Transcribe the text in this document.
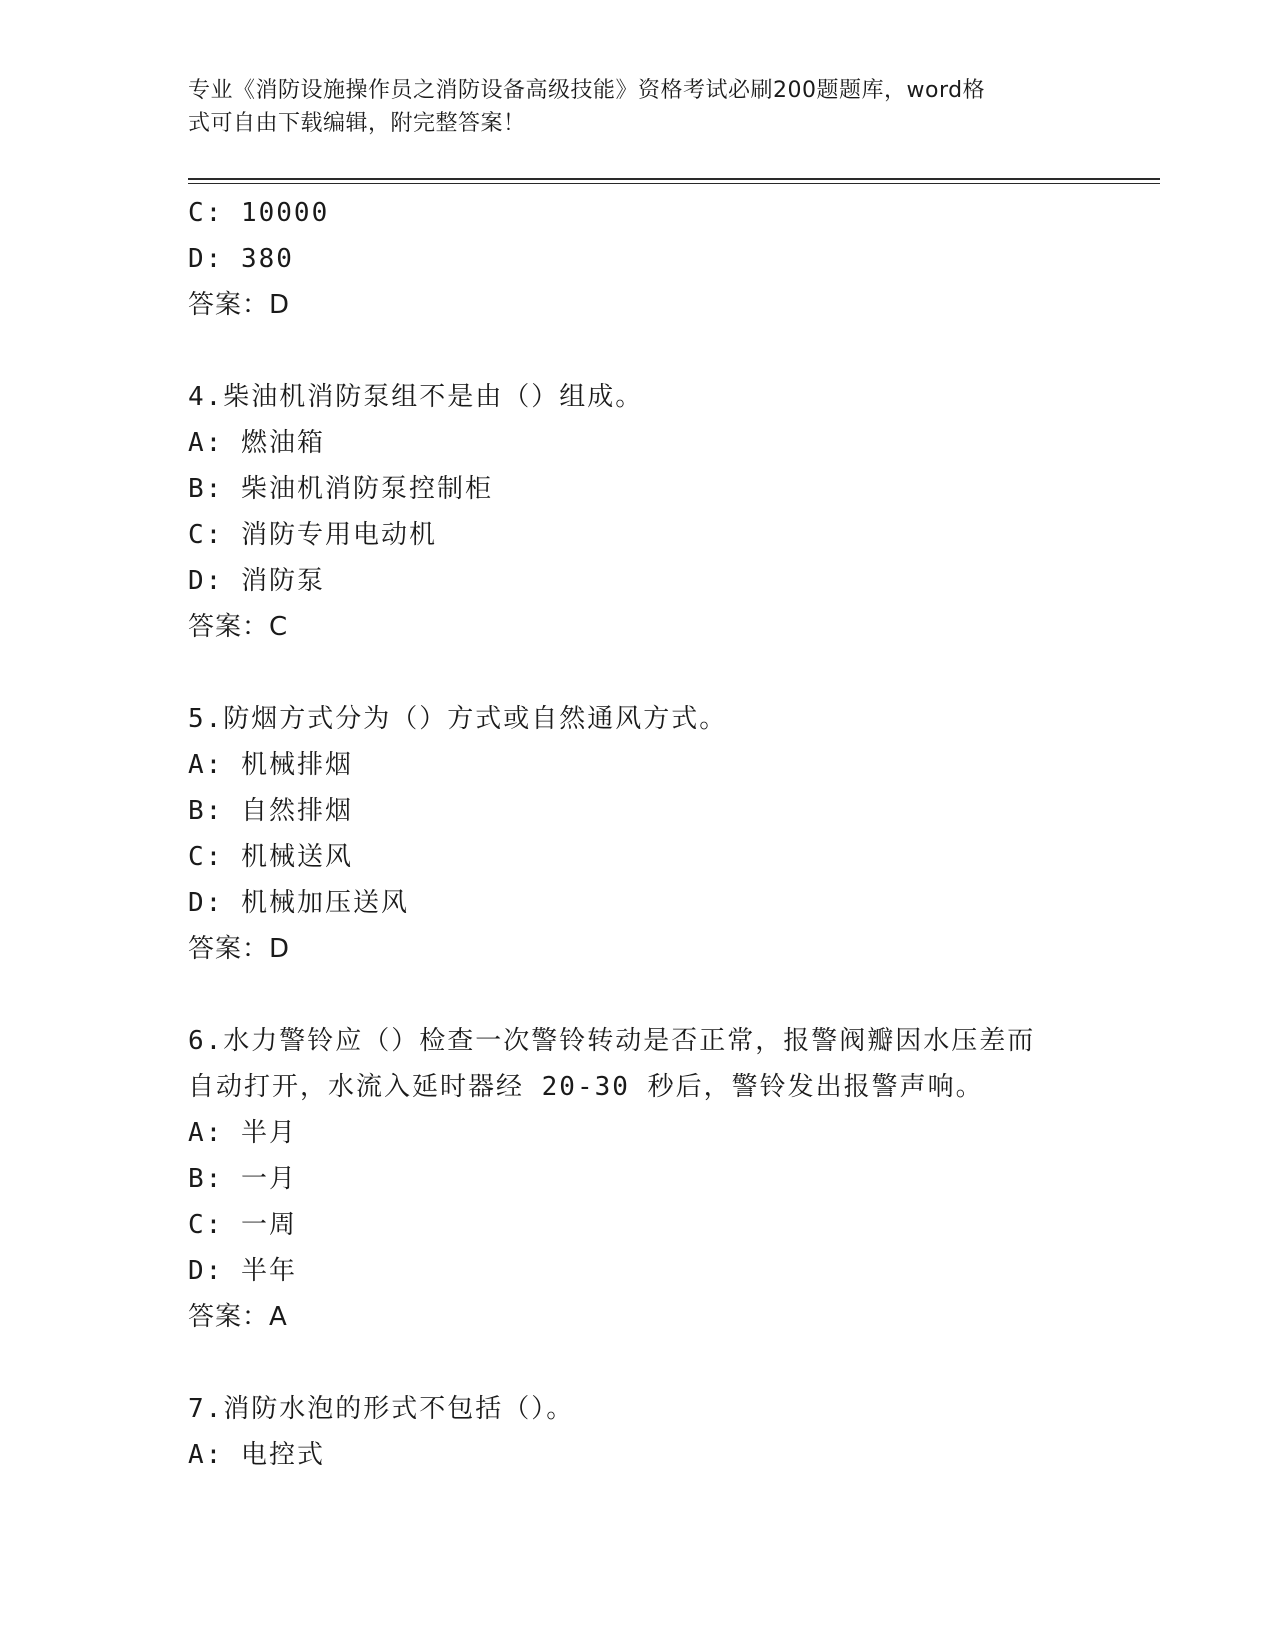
专业《消防设施操作员之消防设备高级技能》资格考试必刷200题题库，word格

式可自由下载编辑，附完整答案！

C: 10000
D: 380
答案：D
4.柴油机消防泵组不是由（）组成。
A: 燃油箱
B: 柴油机消防泵控制柜
C: 消防专用电动机
D: 消防泵
答案：C
5.防烟方式分为（）方式或自然通风方式。
A: 机械排烟
B: 自然排烟
C: 机械送风
D: 机械加压送风
答案：D
6.水力警铃应（）检查一次警铃转动是否正常，报警阀瓣因水压差而
自动打开，水流入延时器经 20-30 秒后，警铃发出报警声响。
A: 半月
B: 一月
C: 一周
D: 半年
答案：A
7.消防水泡的形式不包括（）。
A: 电控式
